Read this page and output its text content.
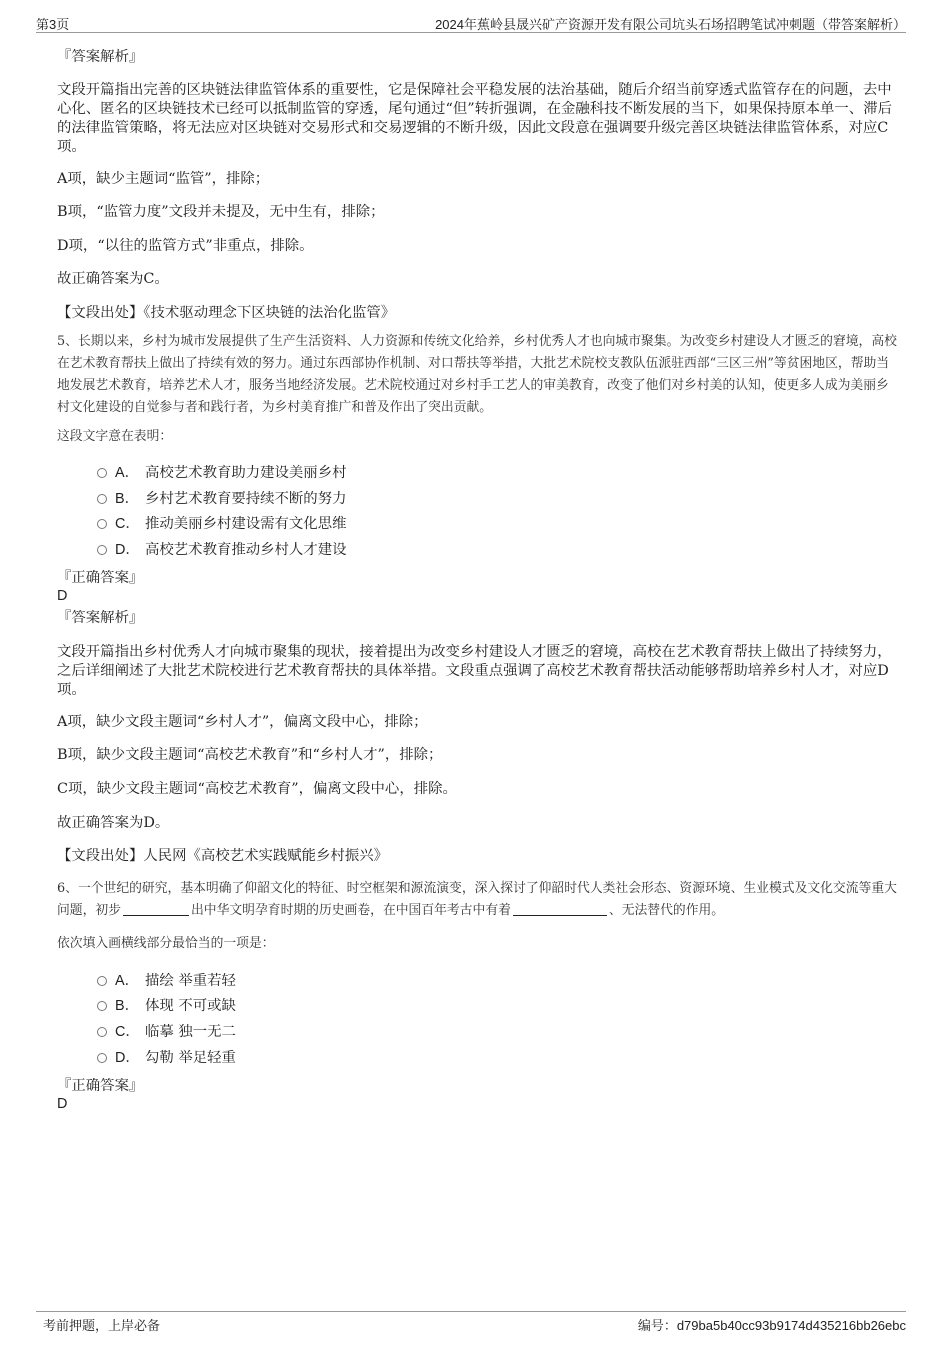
第3页	2024年蕉岭县晟兴矿产资源开发有限公司坑头石场招聘笔试冲刺题（带答案解析）
『答案解析』
文段开篇指出完善的区块链法律监管体系的重要性，它是保障社会平稳发展的法治基础，随后介绍当前穿透式监管存在的问题，去中心化、匿名的区块链技术已经可以抵制监管的穿透，尾句通过“但”转折强调，在金融科技不断发展的当下，如果保持原本单一、滞后的法律监管策略，将无法应对区块链对交易形式和交易逻辑的不断升级，因此文段意在强调要升级完善区块链法律监管体系，对应C项。
A项，缺少主题词“监管”，排除；
B项，“监管力度”文段并未提及，无中生有，排除；
D项，“以往的监管方式”非重点，排除。
故正确答案为C。
【文段出处】《技术驱动理念下区块链的法治化监管》
5、长期以来，乡村为城市发展提供了生产生活资料、人力资源和传统文化给养，乡村优秀人才也向城市聚集。为改变乡村建设人才匮乏的窘境，高校在艺术教育帮扶上做出了持续有效的努力。通过东西部协作机制、对口帮扶等举措，大批艺术院校支教队伍派驻西部“三区三州”等贫困地区，帮助当地发展艺术教育，培养艺术人才，服务当地经济发展。艺术院校通过对乡村手工艺人的审美教育，改变了他们对乡村美的认知，使更多人成为美丽乡村文化建设的自觉参与者和践行者，为乡村美育推广和普及作出了突出贡献。
这段文字意在表明：
A． 高校艺术教育助力建设美丽乡村
B． 乡村艺术教育要持续不断的努力
C． 推动美丽乡村建设需有文化思维
D． 高校艺术教育推动乡村人才建设
『正确答案』
D
『答案解析』
文段开篇指出乡村优秀人才向城市聚集的现状，接着提出为改变乡村建设人才匮乏的窘境，高校在艺术教育帮扶上做出了持续努力，之后详细阐述了大批艺术院校进行艺术教育帮扶的具体举措。文段重点强调了高校艺术教育帮扶活动能够帮助培养乡村人才，对应D项。
A项，缺少文段主题词“乡村人才”，偏离文段中心，排除；
B项，缺少文段主题词“高校艺术教育”和“乡村人才”，排除；
C项，缺少文段主题词“高校艺术教育”，偏离文段中心，排除。
故正确答案为D。
【文段出处】人民网《高校艺术实践赋能乡村振兴》
6、一个世纪的研究，基本明确了仰韶文化的特征、时空框架和源流演变，深入探讨了仰韶时代人类社会形态、资源环境、生业模式及文化交流等重大问题，初步	出中华文明孕育时期的历史画卷，在中国百年考古中有着	、无法替代的作用。
依次填入画横线部分最恰当的一项是：
A． 描绘 举重若轻
B． 体现 不可或缺
C． 临摹 独一无二
D． 勾勒 举足轻重
『正确答案』
D
考前押题，上岸必备	编号：d79ba5b40cc93b9174d435216bb26ebc
